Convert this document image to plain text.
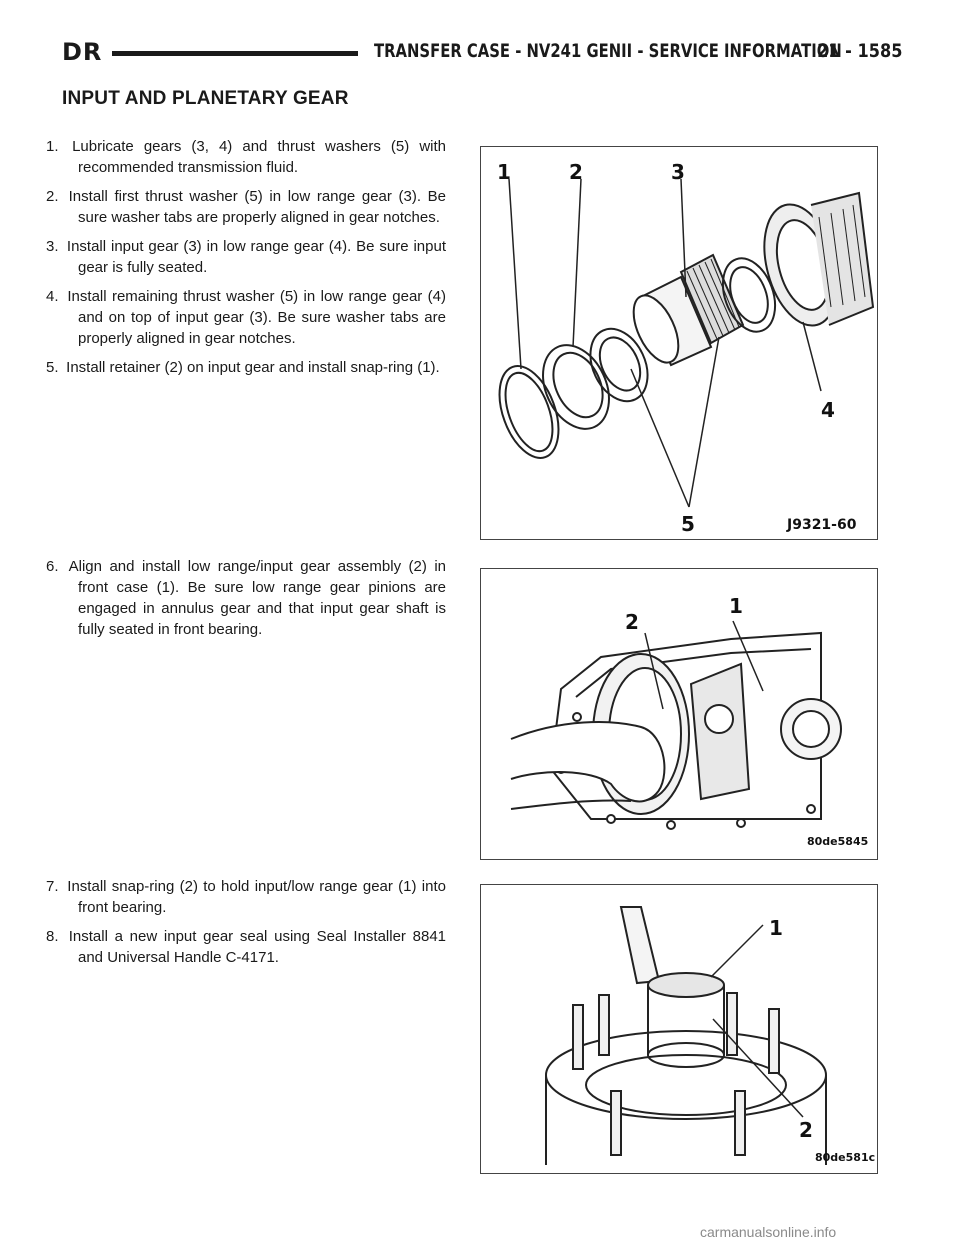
DR	TRANSFER CASE - NV241 GENII - SERVICE INFORMATION
21 - 1585
INPUT AND PLANETARY GEAR
1. Lubricate gears (3, 4) and thrust washers (5) with recommended transmission fluid.
2. Install first thrust washer (5) in low range gear (3). Be sure washer tabs are properly aligned in gear notches.
3. Install input gear (3) in low range gear (4). Be sure input gear is fully seated.
4. Install remaining thrust washer (5) in low range gear (4) and on top of input gear (3). Be sure washer tabs are properly aligned in gear notches.
5. Install retainer (2) on input gear and install snap-ring (1).
6. Align and install low range/input gear assembly (2) in front case (1). Be sure low range gear pinions are engaged in annulus gear and that input gear shaft is fully seated in front bearing.
7. Install snap-ring (2) to hold input/low range gear (1) into front bearing.
8. Install a new input gear seal using Seal Installer 8841 and Universal Handle C-4171.
1	2	3
4
5	J9321-60
2
1
80de5845
1
2
80de581c
carmanualsonline.info
